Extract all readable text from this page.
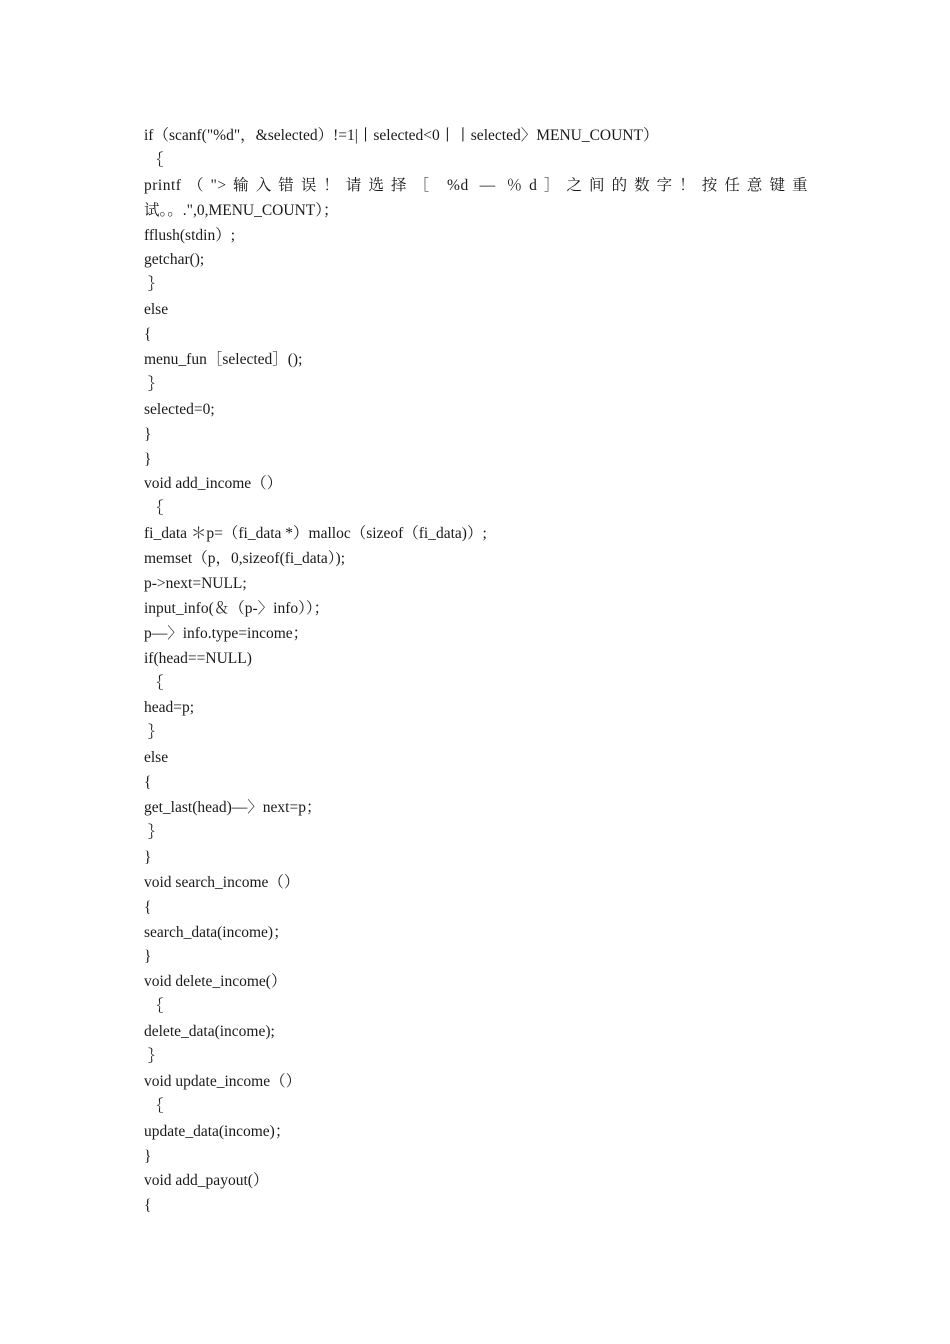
if（scanf("%d"，&selected）!=1|丨selected<0丨丨selected〉MENU_COUNT）
｛
printf（">输入错误！请选择［ %d — ％d］之间的数字！按任意键重
试。。.",0,MENU_COUNT）；
fflush(stdin）;
getchar();
｝
else
{
menu_fun［selected］();
｝
selected=0;
}
}
void add_income（）
｛
fi_data ＊p=（fi_data *）malloc（sizeof（fi_data)）;
memset（p，0,sizeof(fi_data）);
p->next=NULL;
input_info(＆（p-〉info））；
p—〉info.type=income；
if(head==NULL)
｛
head=p;
｝
else
{
get_last(head)—〉next=p；
｝
}
void search_income（）
{
search_data(income)；
}
void delete_income(）
｛
delete_data(income);
｝
void update_income（）
｛
update_data(income)；
}
void add_payout(）
{
